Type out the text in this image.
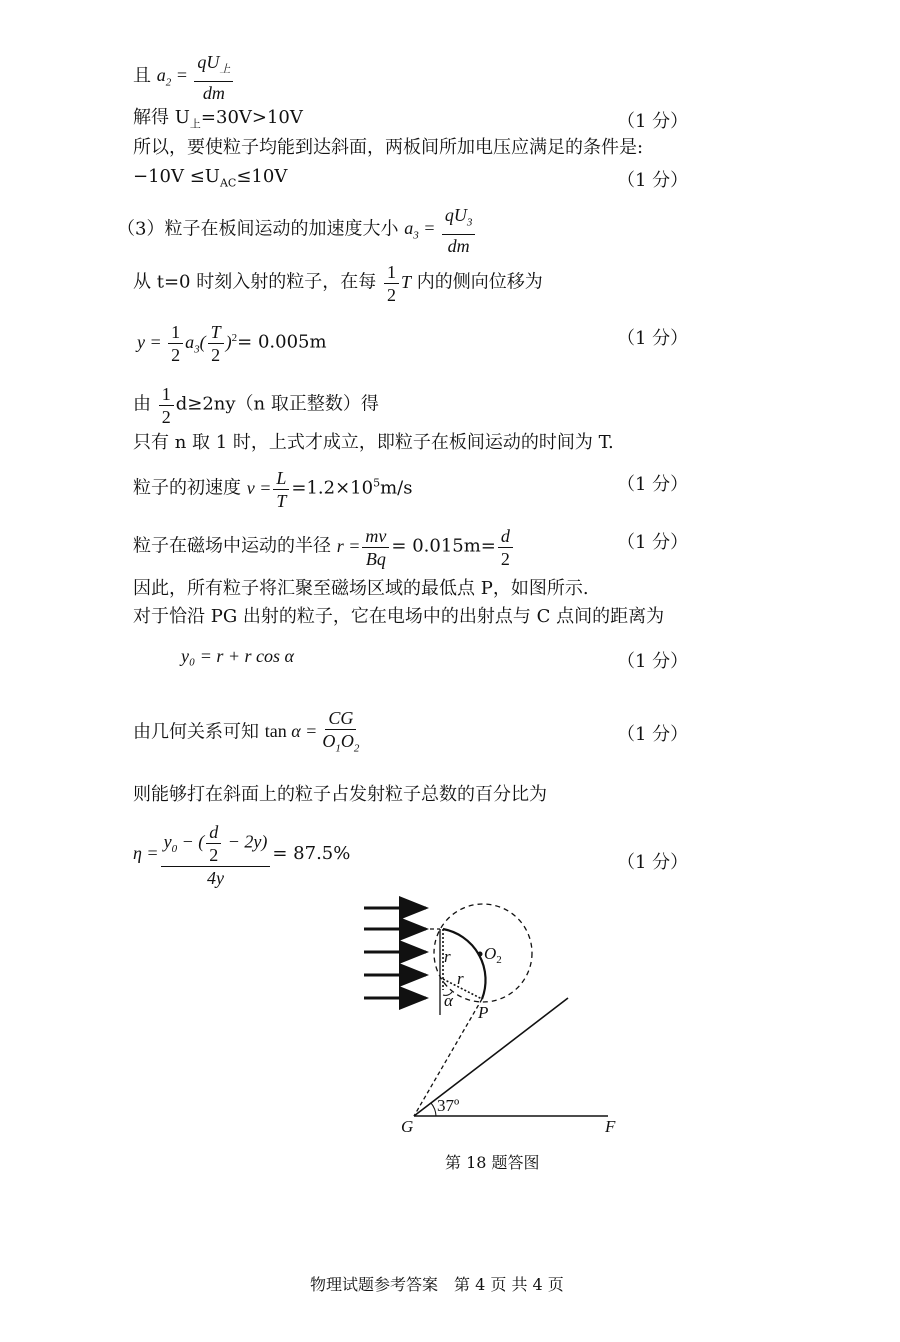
且 $a_2 = \frac{qU_上}{dm}$
解得 $U_上=30V>10V$	（1 分）
所以，要使粒子均能到达斜面，两板间所加电压应满足的条件是:
$-10V \le U_{AC}\le 10V$	（1 分）
（3）粒子在板间运动的加速度大小 $a_3 = \frac{qU_3}{dm}$
从 t=0 时刻入射的粒子，在每 $\frac{1}{2}$ T 内的侧向位移为
$y = \frac{1}{2} a_3( \frac{T}{2} )^2= 0.005m$	（1 分）
由 $\frac{1}{2} d\ge 2ny(n$ 取正整数）得
只有 n 取 1 时，上式才成立，即粒子在板间运动的时间为 T.
粒子的初速度 $v = \frac{L}{T} =1.2\times 10^5m/s$	（1 分）
粒子在磁场中运动的半径 $r = \frac{mv}{Bq} = 0.015m= \frac{d}{2}$	（1 分）
因此，所有粒子将汇聚至磁场区域的最低点 P，如图所示.
对于恰沿 PG 出射的粒子，它在电场中的出射点与 C 点间的距离为
y₀ = r + r cos α	（1 分）
由几何关系可知 $\tan \alpha = \frac{CG}{O_1O_2}$	（1 分）
则能够打在斜面上的粒子占发射粒子总数的百分比为
$\eta = \frac{y_0 - ( \frac{d}{2} - 2y)}{4y} = 87.5\%$	（1 分）
$O_2$
r
r
α
P
G	F
37º
第 18 题答图
物理试题参考答案　第 4 页 共 4 页
